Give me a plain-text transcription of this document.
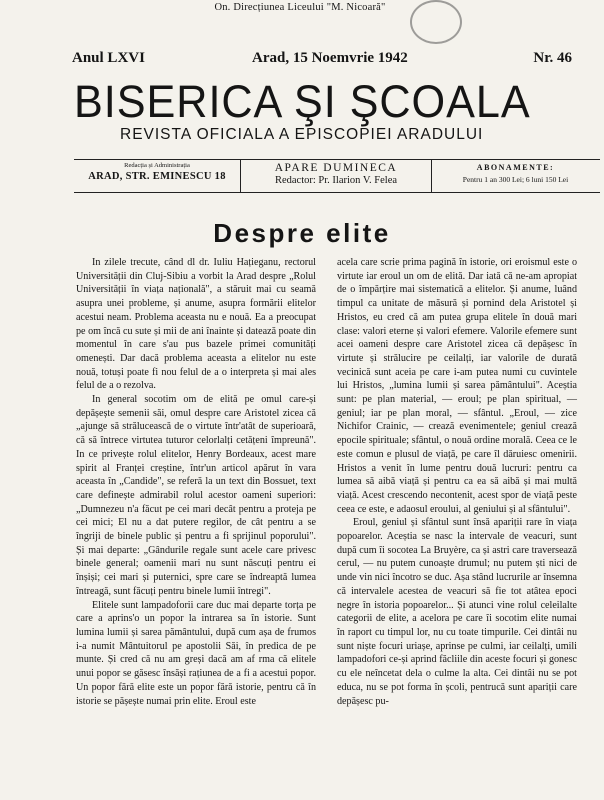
On. Direcțiunea Liceului "M. Nicoară"
Anul LXVI	Arad, 15 Noemvrie 1942	Nr. 46
BISERICA ŞI ŞCOALA
REVISTA OFICIALA A EPISCOPIEI ARADULUI
Redacția și Administrația
ARAD, STR. EMINESCU 18
APARE DUMINECA
Redactor: Pr. Ilarion V. Felea
ABONAMENTE:
Pentru 1 an 300 Lei; 6 luni 150 Lei
Despre elite

In zilele trecute, când dl dr. Iuliu Hațieganu, rectorul Universității din Cluj-Sibiu a vorbit la Arad despre „Rolul Universității în viața națională", a stăruit mai cu seamă asupra unei probleme, și anume, asupra formării elitelor acestui neam. Problema aceasta nu e nouă. Ea a preocupat pe om încă cu sute și mii de ani înainte și datează poate din momentul în care s'au pus bazele primei comunități omenești. Dar dacă problema aceasta a elitelor nu este nouă, totuși poate fi nou felul de a o interpreta și mai ales felul de a o rezolva.

In general socotim om de elită pe omul care-și depășește semenii săi, omul despre care Aristotel zicea că „ajunge să strălucească de o virtute într'atât de superioară, că să întrece virtutea tuturor celorlalți cetățeni împreună". In ce privește rolul elitelor, Henry Bordeaux, acest mare spirit al Franței creștine, într'un articol apărut în vara aceasta în „Candide", se referă la un text din Bossuet, text care definește admirabil rolul acestor oameni superiori: „Dumnezeu n'a făcut pe cei mari decât pentru a proteja pe cei mici; El nu a dat putere regilor, de cât pentru a se îngriji de binele public și pentru a fi sprijinul poporului". Și mai departe: „Gândurile regale sunt acele care privesc binele general; oamenii mari nu sunt născuți pentru ei înșiși; cei mari și puternici, spre care se îndreaptă lumea întreagă, sunt făcuți pentru binele lumii întregi".

Elitele sunt lampadoforii care duc mai departe torța pe care a aprins'o un popor la intrarea sa în istorie. Sunt lumina lumii și sarea pământului, după cum așa de frumos i-a numit Mântuitorul pe apostolii Săi, în predica de pe munte. Și cred că nu am greși dacă am af rma că elitele unui popor se găsesc însăși rațiunea de a fi a acestui popor. Un popor fără elite este un popor fără istorie, pentru că în istorie se pășește numai prin elite. Eroul este

acela care scrie prima pagină în istorie, ori eroismul este o virtute iar eroul un om de elită. Dar iată că ne-am apropiat de o împărțire mai sistematică a elitelor. Și anume, luând timpul ca unitate de măsură și pornind dela Aristotel și Hristos, eu cred că am putea grupa elitele în două mari clase: valori eterne și valori efemere. Valorile efemere sunt acei oameni despre care Aristotel zicea că depășesc în virtute și strălucire pe ceilalți, iar valorile de durată vecinică sunt aceia pe care i-am putea numi cu cuvintele lui Hristos, „lumina lumii și sarea pământului". Aceștia sunt: pe plan material, — eroul; pe plan spiritual, — geniul; iar pe plan moral, — sfântul. „Eroul, — zice Nichifor Crainic, — crează evenimentele; geniul crează epocile spirituale; sfântul, o nouă ordine morală. Ceea ce le este comun e plusul de viață, pe care îl dăruiesc omenirii. Hristos a venit în lume pentru două lucruri: pentru ca lumea să aibă viață și pentru ca ea să aibă și mai multă viață. Acest crescendo necontenit, acest spor de viață peste ceea ce este, e adaosul eroului, al geniului și al sfântului".

Eroul, geniul și sfântul sunt însă apariții rare în viața popoarelor. Aceștia se nasc la intervale de veacuri, sunt după cum îi socotea La Bruyère, ca și astri care traversează cerul, — nu putem cunoaște drumul; nu putem ști nici de unde vin nici încotro se duc. Așa stând lucrurile ar însemna că intervalele acestea de veacuri să fie tot atâtea epoci negre în istoria popoarelor... Și atunci vine rolul celeilalte categorii de elite, a acelora pe care îi socotim elite numai în raport cu timpul lor, nu cu toate timpurile. Cei dintâi nu sunt niște focuri uriașe, aprinse pe culmi, iar ceilalți, umili lampadofori ce-și aprind făcliile din aceste focuri și gonesc cu ele neîncetat dela o culme la alta. Cei dintâi nu se pot educa, nu se pot forma în școli, pentrucă sunt apariții care depășesc pu-
